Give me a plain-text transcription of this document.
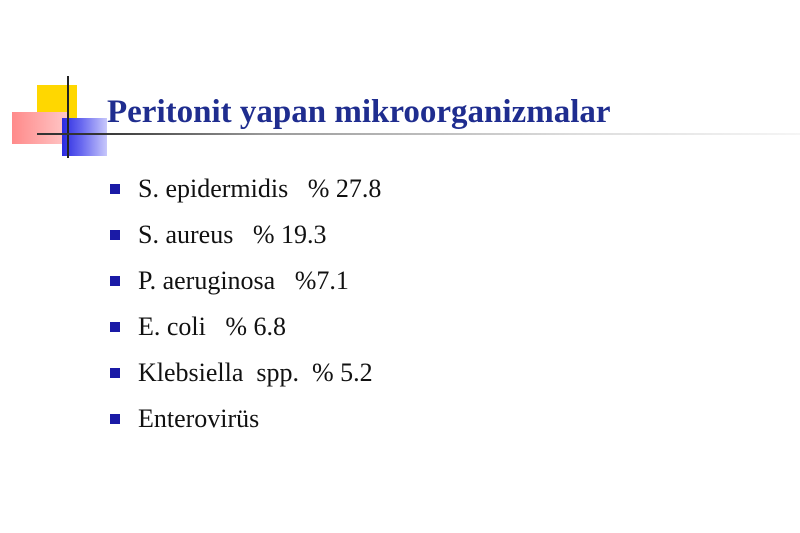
Peritonit yapan mikroorganizmalar
S. epidermidis   % 27.8
S. aureus   % 19.3
P. aeruginosa   %7.1
E. coli   % 6.8
Klebsiella  spp.  % 5.2
Enterovirüs
